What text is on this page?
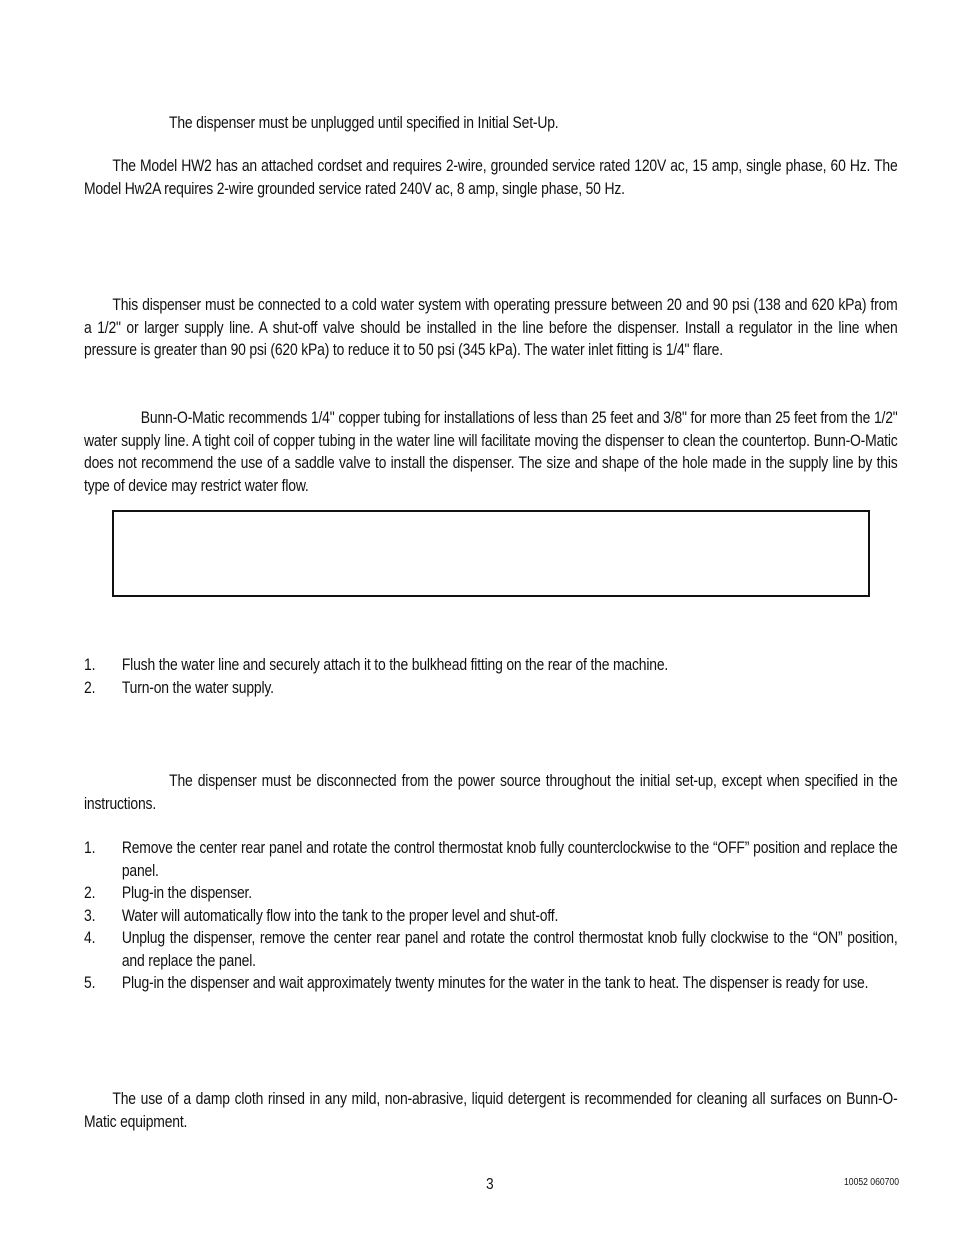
The dispenser must be unplugged until specified in Initial Set-Up.

The Model HW2 has an attached cordset and requires 2-wire, grounded service rated 120V ac, 15 amp, single phase, 60 Hz. The Model Hw2A requires 2-wire grounded service rated 240V ac, 8 amp, single phase, 50 Hz.

This dispenser must be connected to a cold water system with operating pressure between 20 and 90 psi (138 and 620 kPa) from a 1/2" or larger supply line. A shut-off valve should be installed in the line before the dispenser. Install a regulator in the line when pressure is greater than 90 psi (620 kPa) to reduce it to 50 psi (345 kPa). The water inlet fitting is 1/4" flare.

Bunn-O-Matic recommends 1/4" copper tubing for installations of less than 25 feet and 3/8" for more than 25 feet from the 1/2" water supply line. A tight coil of copper tubing in the water line will facilitate moving the dispenser to clean the countertop. Bunn-O-Matic does not recommend the use of a saddle valve to install the dispenser. The size and shape of the hole made in the supply line by this type of device may restrict water flow.

1.	Flush the water line and securely attach it to the bulkhead fitting on the rear of the machine.
2.	Turn-on the water supply.

The dispenser must be disconnected from the power source throughout the initial set-up, except when specified in the instructions.

1.	Remove the center rear panel and rotate the control thermostat knob fully counterclockwise to the “OFF” position and replace the panel.
2.	Plug-in the dispenser.
3.	Water will automatically flow into the tank to the proper level and shut-off.
4.	Unplug the dispenser, remove the center rear panel and rotate the control thermostat knob fully clockwise to the “ON” position, and replace the panel.
5.	Plug-in the dispenser and wait approximately twenty minutes for the water in the tank to heat. The dispenser is ready for use.

The use of a damp cloth rinsed in any mild, non-abrasive, liquid detergent is recommended for cleaning all surfaces on Bunn-O-Matic equipment.

3	10052 060700
